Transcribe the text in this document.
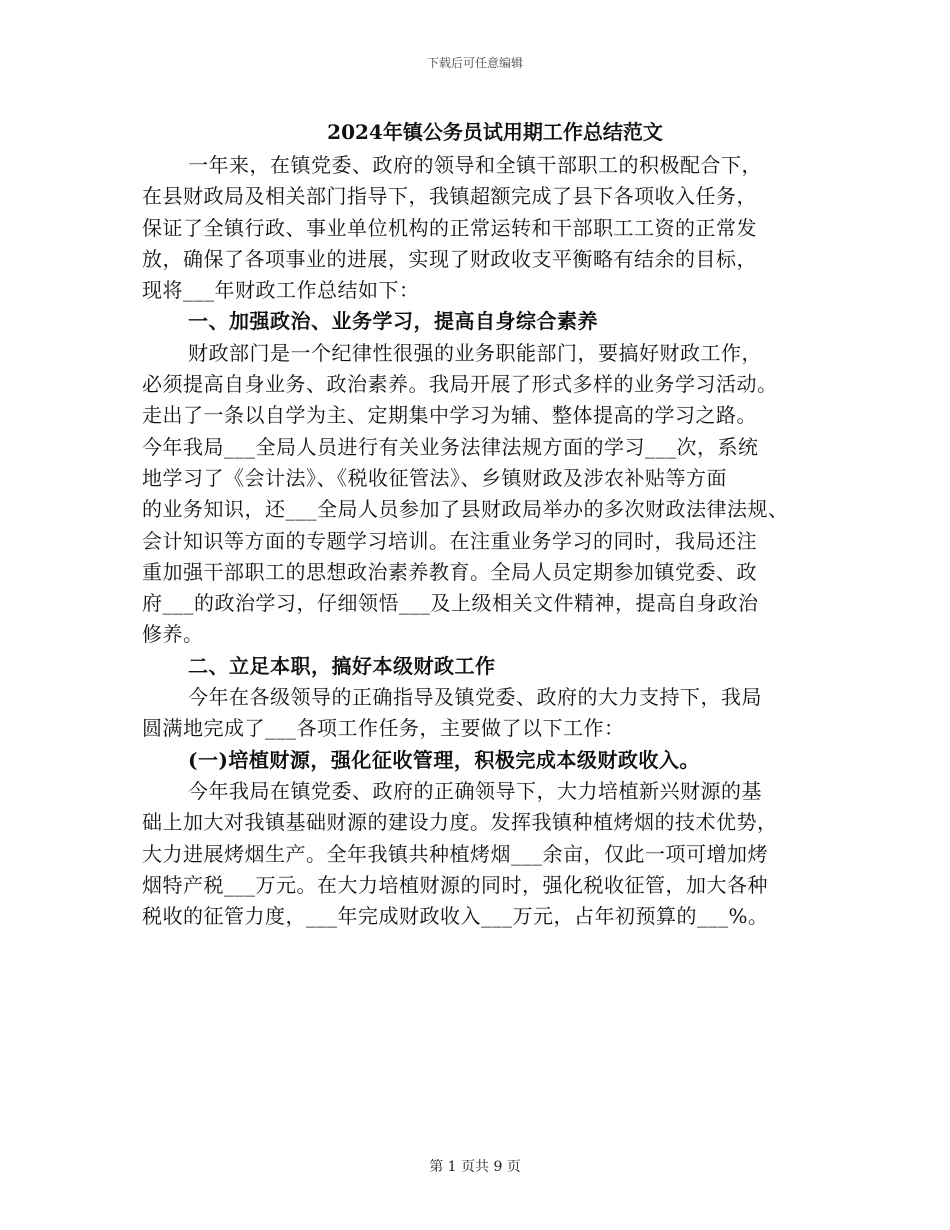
下载后可任意编辑
2024年镇公务员试用期工作总结范文
一年来，在镇党委、政府的领导和全镇干部职工的积极配合下，
在县财政局及相关部门指导下，我镇超额完成了县下各项收入任务，
保证了全镇行政、事业单位机构的正常运转和干部职工工资的正常发
放，确保了各项事业的进展，实现了财政收支平衡略有结余的目标，
现将___年财政工作总结如下：
一、加强政治、业务学习，提高自身综合素养
财政部门是一个纪律性很强的业务职能部门，要搞好财政工作，
必须提高自身业务、政治素养。我局开展了形式多样的业务学习活动。
走出了一条以自学为主、定期集中学习为辅、整体提高的学习之路。
今年我局___全局人员进行有关业务法律法规方面的学习___次，系统
地学习了《会计法》、《税收征管法》、乡镇财政及涉农补贴等方面
的业务知识，还___全局人员参加了县财政局举办的多次财政法律法规、
会计知识等方面的专题学习培训。在注重业务学习的同时，我局还注
重加强干部职工的思想政治素养教育。全局人员定期参加镇党委、政
府___的政治学习，仔细领悟___及上级相关文件精神，提高自身政治
修养。
二、立足本职，搞好本级财政工作
今年在各级领导的正确指导及镇党委、政府的大力支持下，我局
圆满地完成了___各项工作任务，主要做了以下工作：
(一)培植财源，强化征收管理，积极完成本级财政收入。
今年我局在镇党委、政府的正确领导下，大力培植新兴财源的基
础上加大对我镇基础财源的建设力度。发挥我镇种植烤烟的技术优势，
大力进展烤烟生产。全年我镇共种植烤烟___余亩，仅此一项可增加烤
烟特产税___万元。在大力培植财源的同时，强化税收征管，加大各种
税收的征管力度，___年完成财政收入___万元，占年初预算的___%。
第 1 页共 9 页
